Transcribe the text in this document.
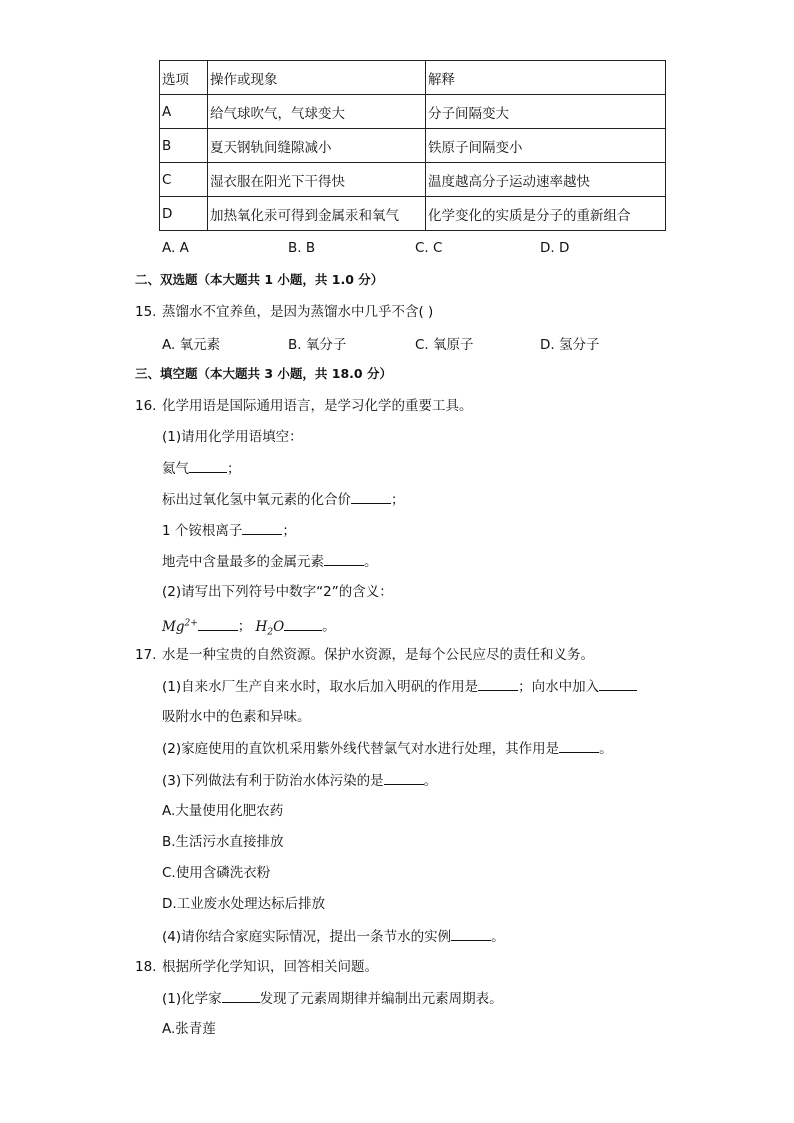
选项	操作或现象	解释
A	给气球吹气，气球变大	分子间隔变大
B	夏天钢轨间缝隙减小	铁原子间隔变小
C	湿衣服在阳光下干得快	温度越高分子运动速率越快
D	加热氧化汞可得到金属汞和氧气	化学变化的实质是分子的重新组合
A. A	B. B	C. C	D. D
二、双选题（本大题共 1 小题，共 1.0 分）
15. 蒸馏水不宜养鱼，是因为蒸馏水中几乎不含( )
A. 氧元素	B. 氧分子	C. 氧原子	D. 氢分子
三、填空题（本大题共 3 小题，共 18.0 分）
16. 化学用语是国际通用语言，是学习化学的重要工具。
(1)请用化学用语填空：
氦气	；
标出过氧化氢中氧元素的化合价	；
1 个铵根离子	；
地壳中含量最多的金属元素	。
(2)请写出下列符号中数字“2”的含义：
$Mg^{2+}$	； $H_2O$	。
17. 水是一种宝贵的自然资源。保护水资源，是每个公民应尽的责任和义务。
(1)自来水厂生产自来水时，取水后加入明矾的作用是	；向水中加入
吸附水中的色素和异味。
(2)家庭使用的直饮机采用紫外线代替氯气对水进行处理，其作用是	。
(3)下列做法有利于防治水体污染的是	。
A.大量使用化肥农药
B.生活污水直接排放
C.使用含磷洗衣粉
D.工业废水处理达标后排放
(4)请你结合家庭实际情况，提出一条节水的实例	。
18. 根据所学化学知识，回答相关问题。
(1)化学家	发现了元素周期律并编制出元素周期表。
A.张青莲
